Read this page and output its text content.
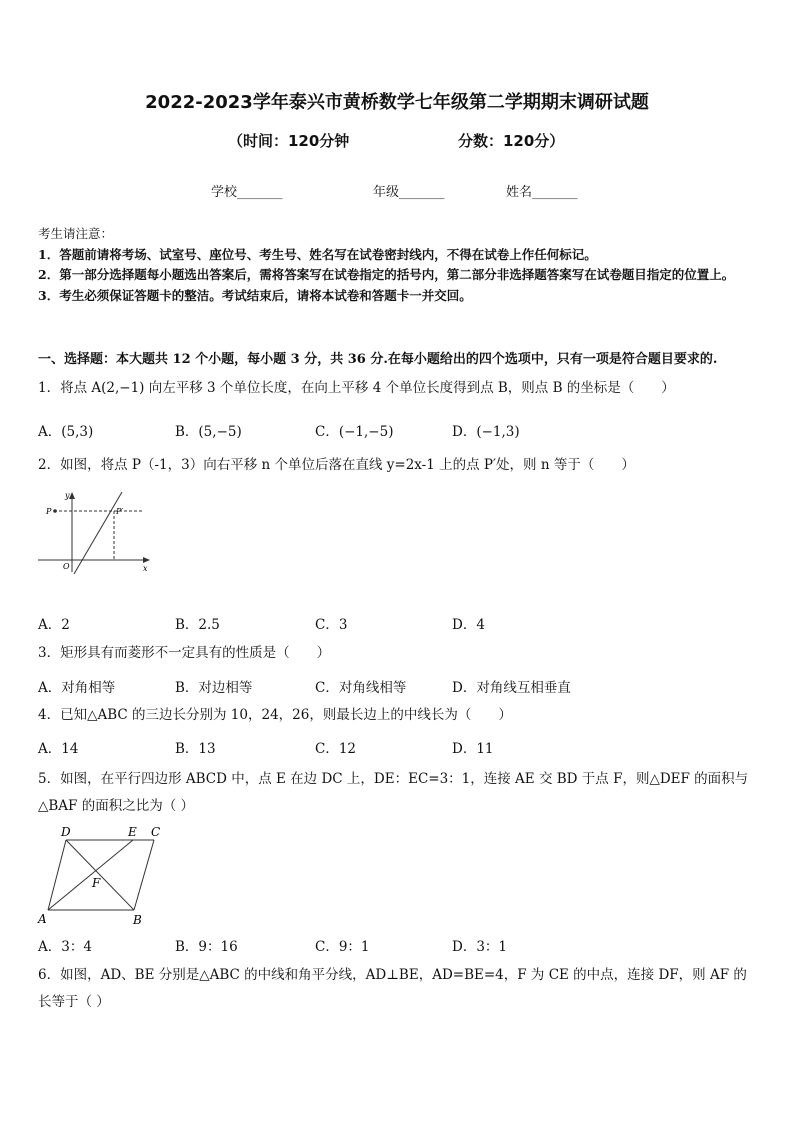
2022-2023学年泰兴市黄桥数学七年级第二学期期末调研试题
（时间：120分钟	分数：120分）
学校_______	年级_______	姓名_______
考生请注意：
1．答题前请将考场、试室号、座位号、考生号、姓名写在试卷密封线内，不得在试卷上作任何标记。
2．第一部分选择题每小题选出答案后，需将答案写在试卷指定的括号内，第二部分非选择题答案写在试卷题目指定的位置上。
3．考生必须保证答题卡的整洁。考试结束后，请将本试卷和答题卡一并交回。
一、选择题：本大题共 12 个小题，每小题 3 分，共 36 分.在每小题给出的四个选项中，只有一项是符合题目要求的.
1．将点 A(2,−1) 向左平移 3 个单位长度，在向上平移 4 个单位长度得到点 B，则点 B 的坐标是（　　）
A．(5,3)	B．(5,−5)	C．(−1,−5)	D．(−1,3)
2．如图，将点 P（-1，3）向右平移 n 个单位后落在直线 y=2x-1 上的点 P′处，则 n 等于（　　）
y
P	P′
O	x
A．2	B．2.5	C．3	D．4
3．矩形具有而菱形不一定具有的性质是（　　）
A．对角相等	B．对边相等	C．对角线相等	D．对角线互相垂直
4．已知△ABC 的三边长分别为 10，24，26，则最长边上的中线长为（　　）
A．14	B．13	C．12	D．11
5．如图，在平行四边形 ABCD 中，点 E 在边 DC 上，DE：EC=3：1，连接 AE 交 BD 于点 F，则△DEF 的面积与△BAF 的面积之比为（ ）
D	E C
F
A	B
A．3：4	B．9：16	C．9：1	D．3：1
6．如图，AD、BE 分别是△ABC 的中线和角平分线，AD⊥BE，AD=BE=4，F 为 CE 的中点，连接 DF，则 AF 的长等于（ ）
